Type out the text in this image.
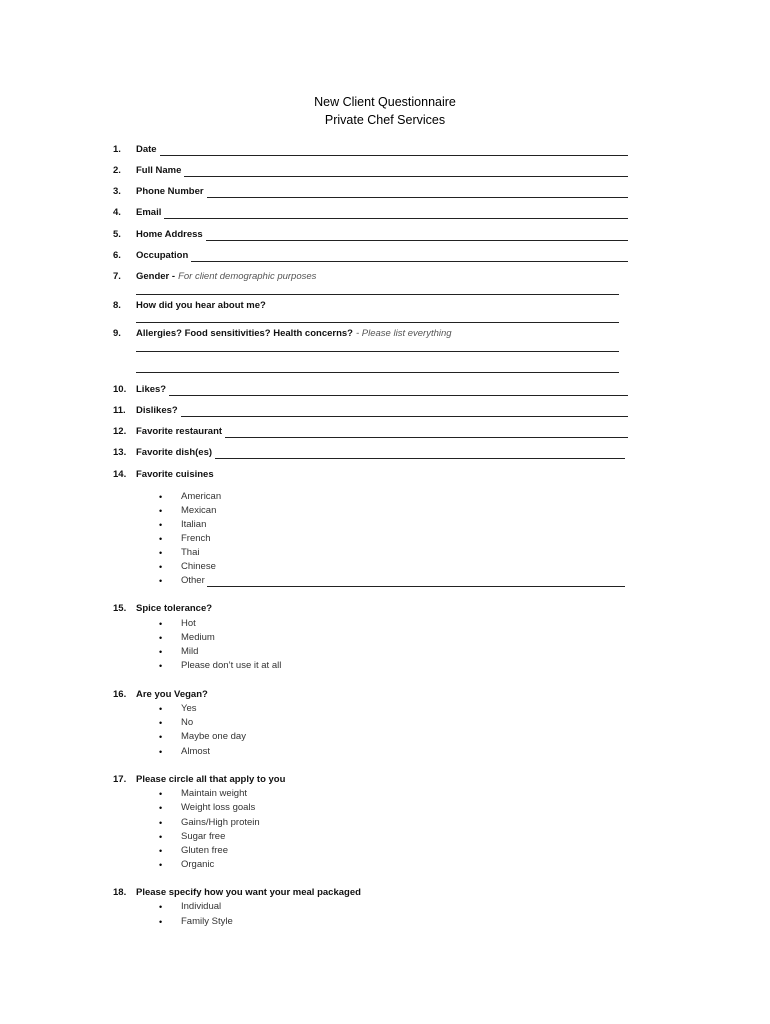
New Client Questionnaire
Private Chef Services
1. Date
2. Full Name
3. Phone Number
4. Email
5. Home Address
6. Occupation
7. Gender - For client demographic purposes
8. How did you hear about me?
9. Allergies? Food sensitivities? Health concerns? - Please list everything
10. Likes?
11. Dislikes?
12. Favorite restaurant
13. Favorite dish(es)
14. Favorite cuisines
•	American
•	Mexican
•	Italian
•	French
•	Thai
•	Chinese
•	Other
15. Spice tolerance?
•	Hot
•	Medium
•	Mild
•	Please don’t use it at all
16. Are you Vegan?
•	Yes
•	No
•	Maybe one day
•	Almost
17. Please circle all that apply to you
•	Maintain weight
•	Weight loss goals
•	Gains/High protein
•	Sugar free
•	Gluten free
•	Organic
18. Please specify how you want your meal packaged
•	Individual
•	Family Style
